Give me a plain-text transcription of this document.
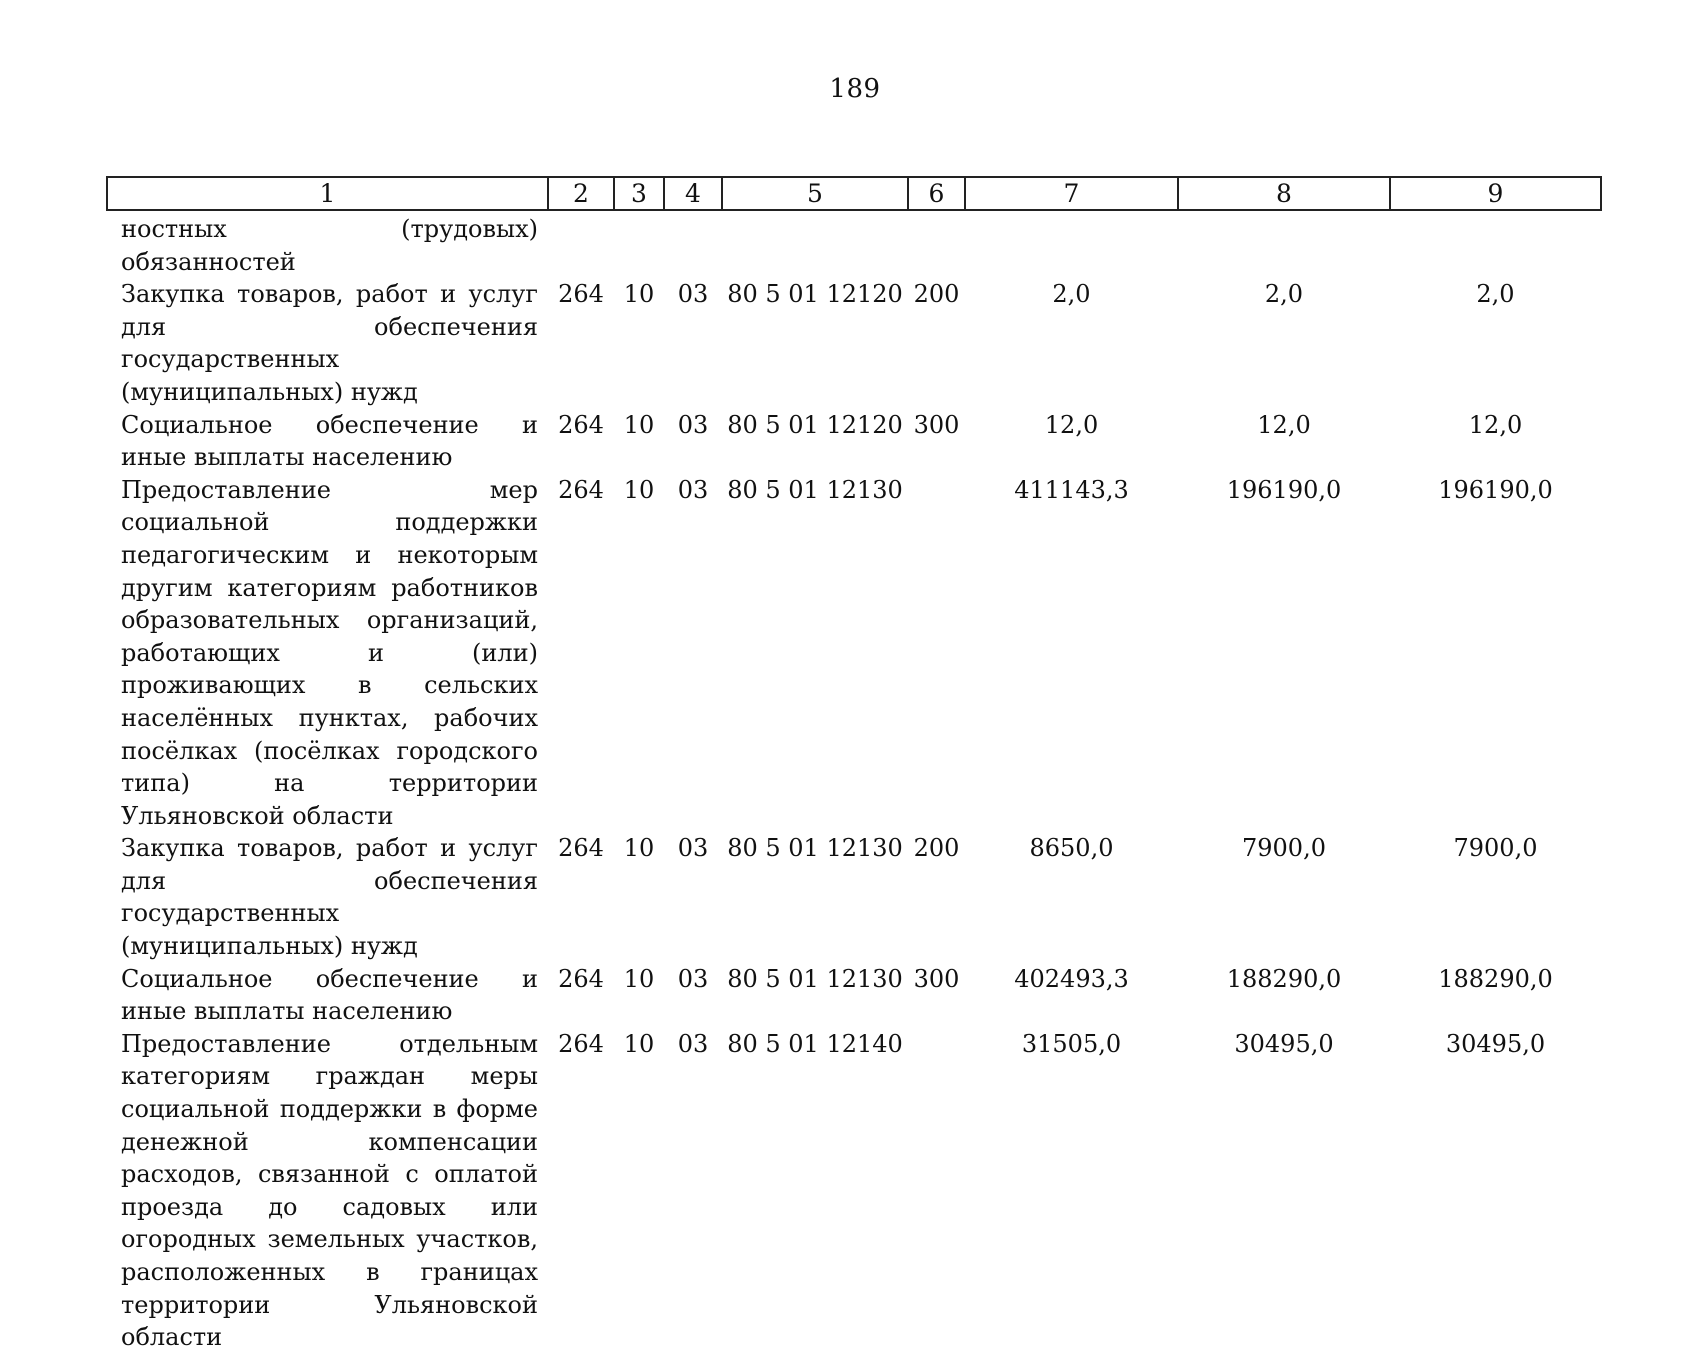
189
1	2	3	4	5	6	7	8	9
ностных (трудовых) обязанностей								
Закупка товаров, работ и услуг для обеспечения государственных (муниципальных) нужд	264	10	03	80 5 01 12120	200	2,0	2,0	2,0
Социальное обеспечение и иные выплаты населению	264	10	03	80 5 01 12120	300	12,0	12,0	12,0
Предоставление мер социальной поддержки педагогическим и некоторым другим категориям работников образовательных организаций, работающих и (или) проживающих в сельских населённых пунктах, рабочих посёлках (посёлках городского типа) на территории Ульяновской области	264	10	03	80 5 01 12130		411143,3	196190,0	196190,0
Закупка товаров, работ и услуг для обеспечения государственных (муниципальных) нужд	264	10	03	80 5 01 12130	200	8650,0	7900,0	7900,0
Социальное обеспечение и иные выплаты населению	264	10	03	80 5 01 12130	300	402493,3	188290,0	188290,0
Предоставление отдельным категориям граждан меры социальной поддержки в форме денежной компенсации расходов, связанной с оплатой проезда до садовых или огородных земельных участков, расположенных в границах территории Ульяновской области	264	10	03	80 5 01 12140		31505,0	30495,0	30495,0
